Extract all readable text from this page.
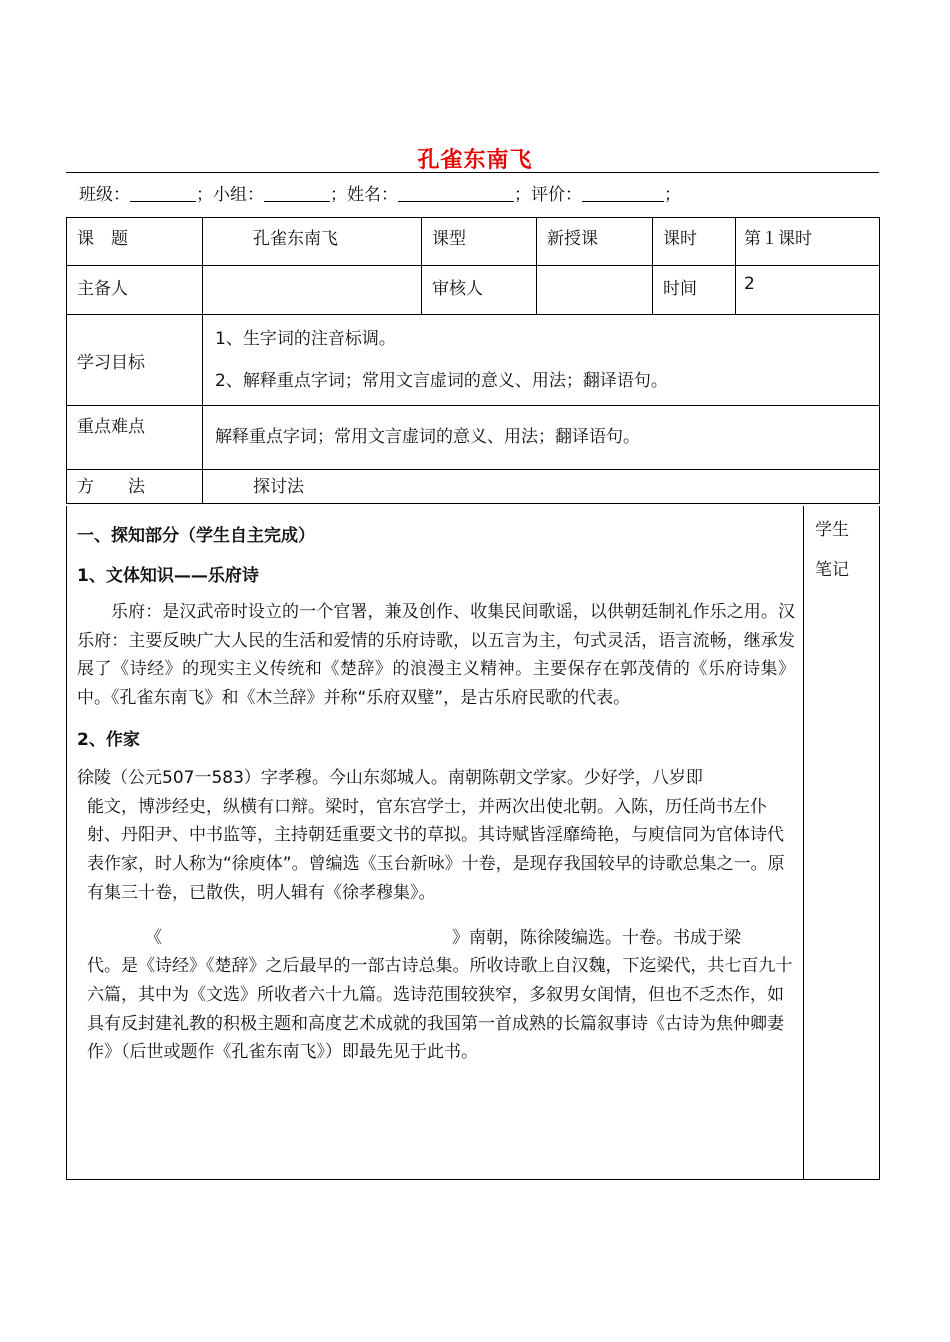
孔雀东南飞
班级：	；小组：	；姓名：	；评价：	；
课　题	孔雀东南飞	课型	新授课	课时	第１课时
主备人		审核人		时间	2
学习目标	1、生字词的注音标调。
2、解释重点字词；常用文言虚词的意义、用法；翻译语句。				

重点难点	解释重点字词；常用文言虚词的意义、用法；翻译语句。				
方　　法	探讨法				
学生笔记
一、探知部分（学生自主完成）
1、文体知识——乐府诗
乐府：是汉武帝时设立的一个官署，兼及创作、收集民间歌谣，以供朝廷制礼作乐之用。汉乐府：主要反映广大人民的生活和爱情的乐府诗歌，以五言为主，句式灵活，语言流畅，继承发展了《诗经》的现实主义传统和《楚辞》的浪漫主义精神。主要保存在郭茂倩的《乐府诗集》中。《孔雀东南飞》和《木兰辞》并称“乐府双璧”，是古乐府民歌的代表。
2、作家
徐陵（公元507一583）字孝穆。今山东郯城人。南朝陈朝文学家。少好学，八岁即
能文，博涉经史，纵横有口辩。梁时，官东宫学士，并两次出使北朝。入陈，历任尚书左仆射、丹阳尹、中书监等，主持朝廷重要文书的草拟。其诗赋皆淫靡绮艳，与庾信同为官体诗代表作家，时人称为“徐庾体”。曾编选《玉台新咏》十卷，是现存我国较早的诗歌总集之一。原有集三十卷，已散佚，明人辑有《徐孝穆集》。
《	》南朝，陈徐陵编选。十卷。书成于梁
代。是《诗经》《楚辞》之后最早的一部古诗总集。所收诗歌上自汉魏，下迄梁代，共七百九十六篇，其中为《文选》所收者六十九篇。选诗范围较狭窄，多叙男女闺情，但也不乏杰作，如具有反封建礼教的积极主题和高度艺术成就的我国第一首成熟的长篇叙事诗《古诗为焦仲卿妻作》（后世或题作《孔雀东南飞》）即最先见于此书。
